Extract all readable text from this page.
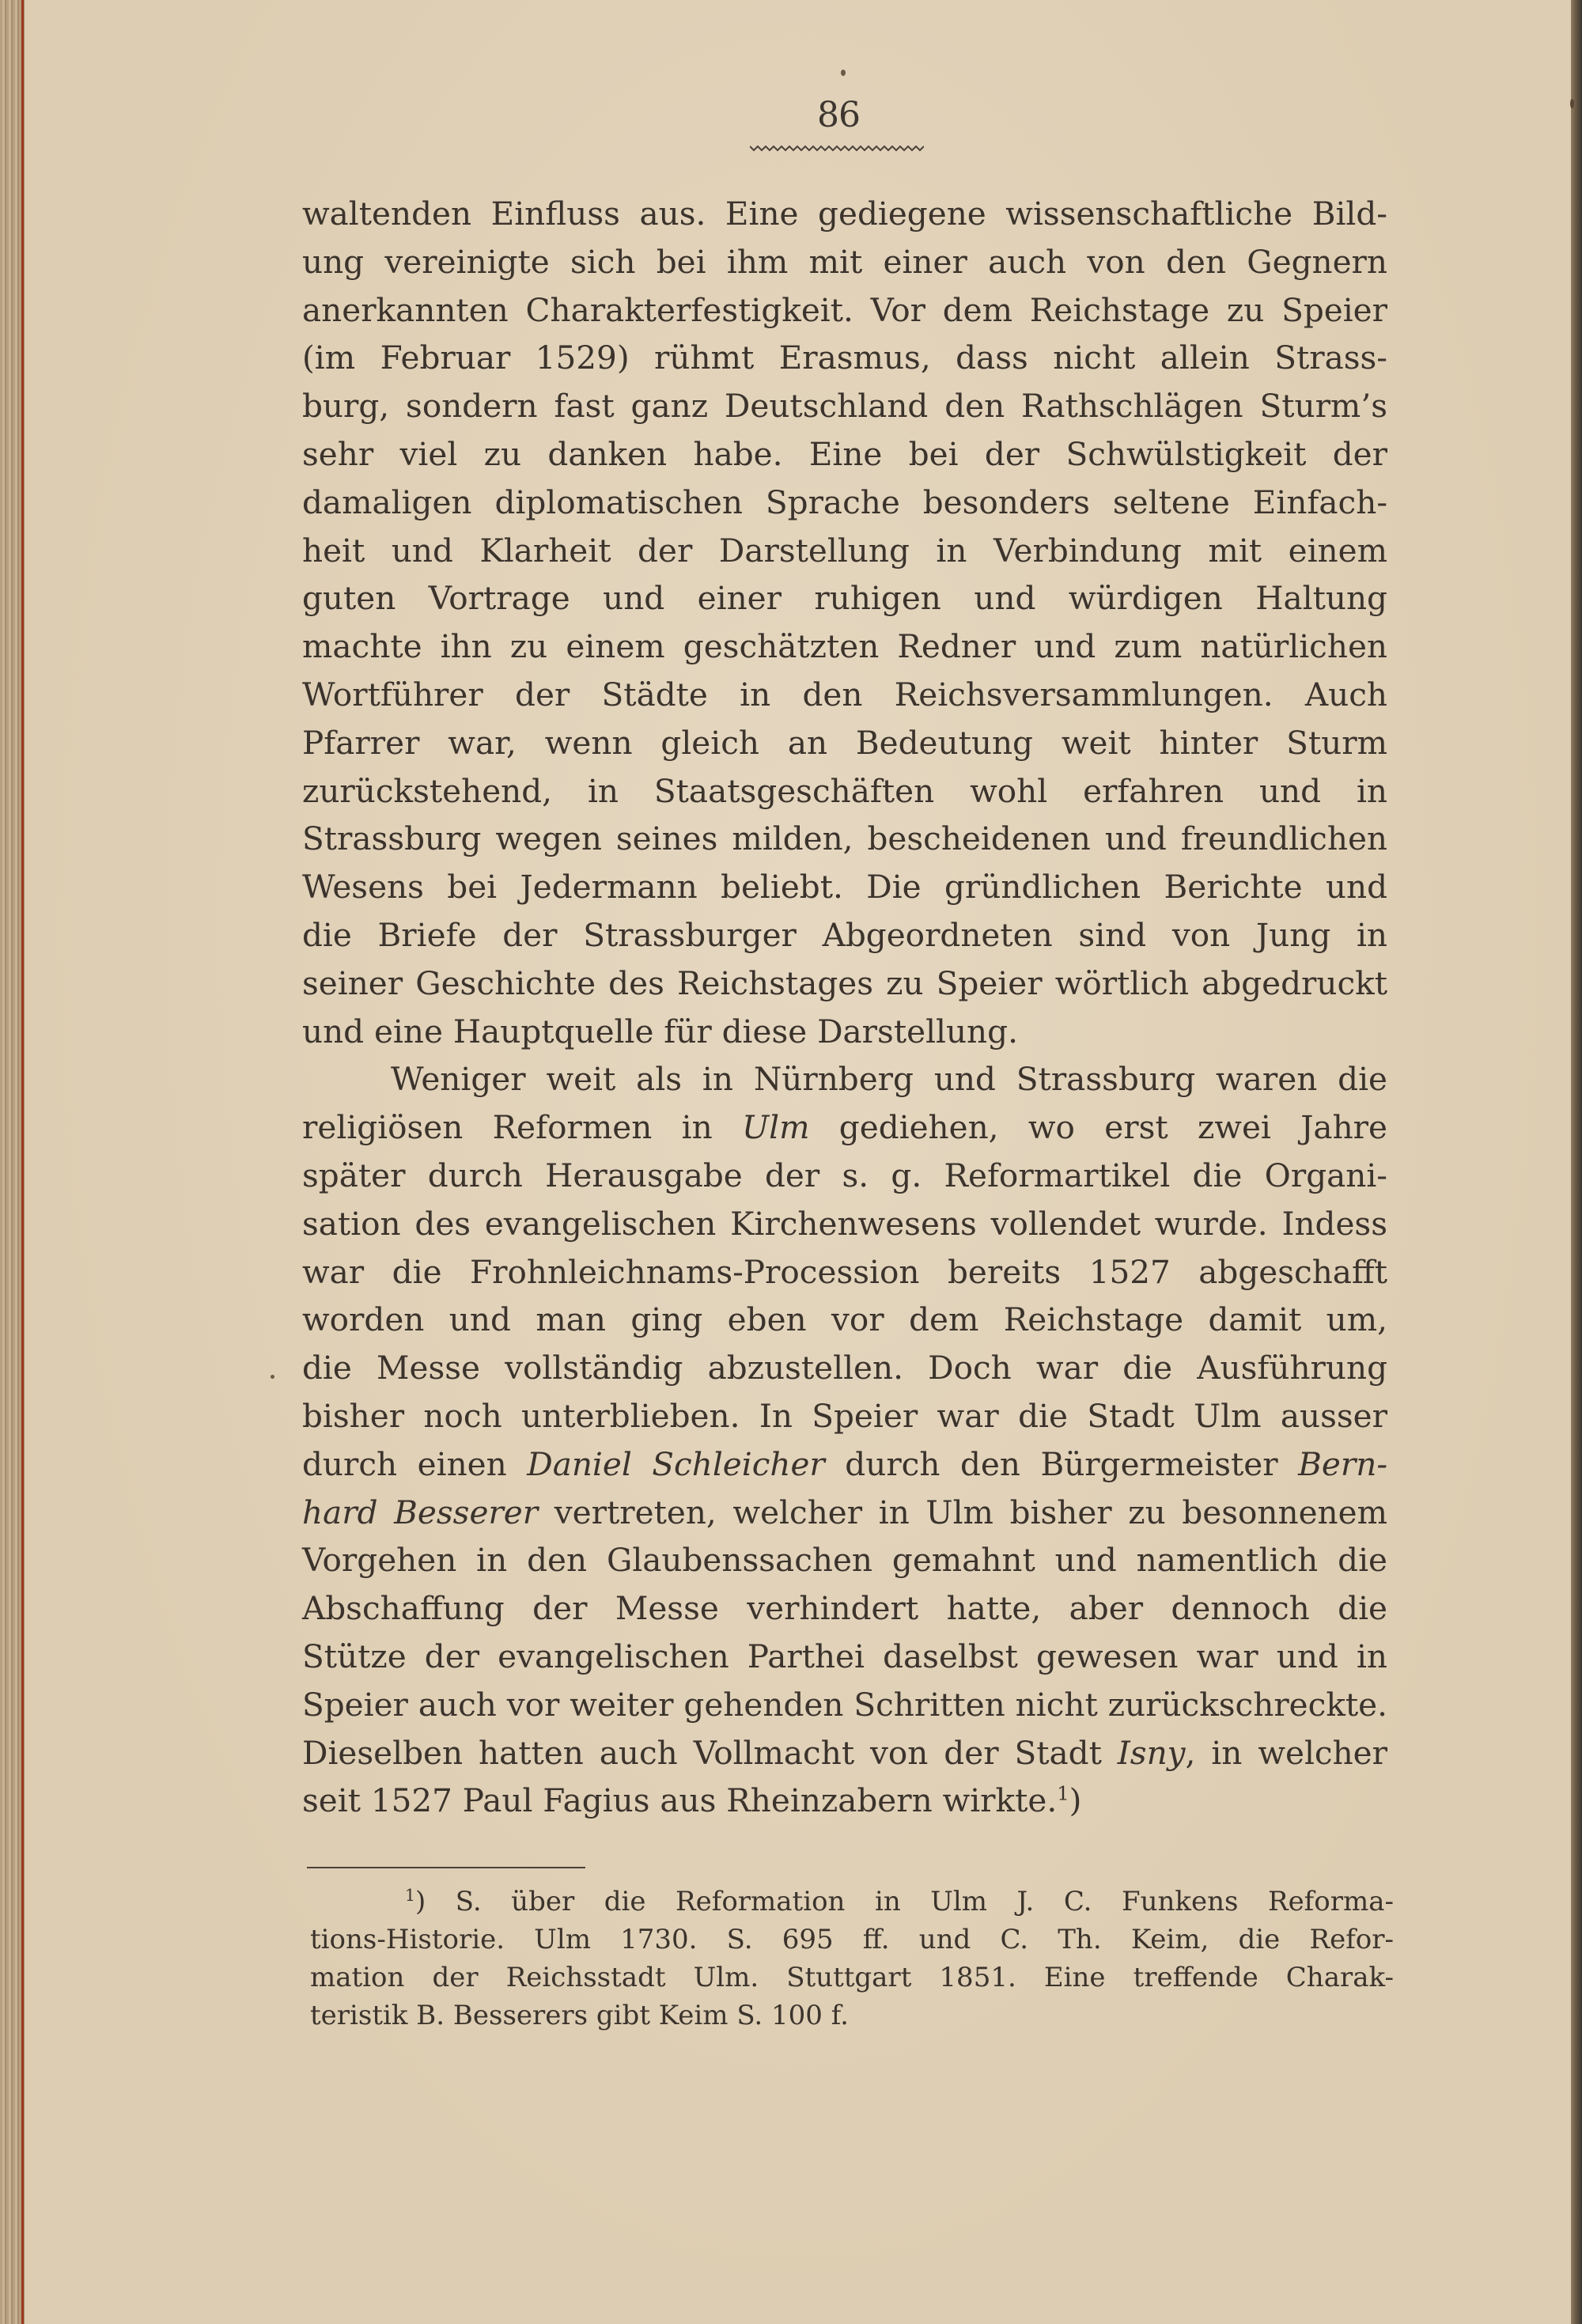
86
waltenden Einfluss aus. Eine gediegene wissenschaftliche Bild-
ung vereinigte sich bei ihm mit einer auch von den Gegnern
anerkannten Charakterfestigkeit. Vor dem Reichstage zu Speier
(im Februar 1529) rühmt Erasmus, dass nicht allein Strass-
burg, sondern fast ganz Deutschland den Rathschlägen Sturm’s
sehr viel zu danken habe. Eine bei der Schwülstigkeit der
damaligen diplomatischen Sprache besonders seltene Einfach-
heit und Klarheit der Darstellung in Verbindung mit einem
guten Vortrage und einer ruhigen und würdigen Haltung
machte ihn zu einem geschätzten Redner und zum natürlichen
Wortführer der Städte in den Reichsversammlungen. Auch
Pfarrer war, wenn gleich an Bedeutung weit hinter Sturm
zurückstehend, in Staatsgeschäften wohl erfahren und in
Strassburg wegen seines milden, bescheidenen und freundlichen
Wesens bei Jedermann beliebt. Die gründlichen Berichte und
die Briefe der Strassburger Abgeordneten sind von Jung in
seiner Geschichte des Reichstages zu Speier wörtlich abgedruckt
und eine Hauptquelle für diese Darstellung.
Weniger weit als in Nürnberg und Strassburg waren die
religiösen Reformen in Ulm gediehen, wo erst zwei Jahre
später durch Herausgabe der s. g. Reformartikel die Organi-
sation des evangelischen Kirchenwesens vollendet wurde. Indess
war die Frohnleichnams-Procession bereits 1527 abgeschafft
worden und man ging eben vor dem Reichstage damit um,
die Messe vollständig abzustellen. Doch war die Ausführung
bisher noch unterblieben. In Speier war die Stadt Ulm ausser
durch einen Daniel Schleicher durch den Bürgermeister Bern-
hard Besserer vertreten, welcher in Ulm bisher zu besonnenem
Vorgehen in den Glaubenssachen gemahnt und namentlich die
Abschaffung der Messe verhindert hatte, aber dennoch die
Stütze der evangelischen Parthei daselbst gewesen war und in
Speier auch vor weiter gehenden Schritten nicht zurückschreckte.
Dieselben hatten auch Vollmacht von der Stadt Isny, in welcher
seit 1527 Paul Fagius aus Rheinzabern wirkte.$^1$)
$^1$) S. über die Reformation in Ulm J. C. Funkens Reforma-
tions-Historie. Ulm 1730. S. 695 ff. und C. Th. Keim, die Refor-
mation der Reichsstadt Ulm. Stuttgart 1851. Eine treffende Charak-
teristik B. Besserers gibt Keim S. 100 f.
